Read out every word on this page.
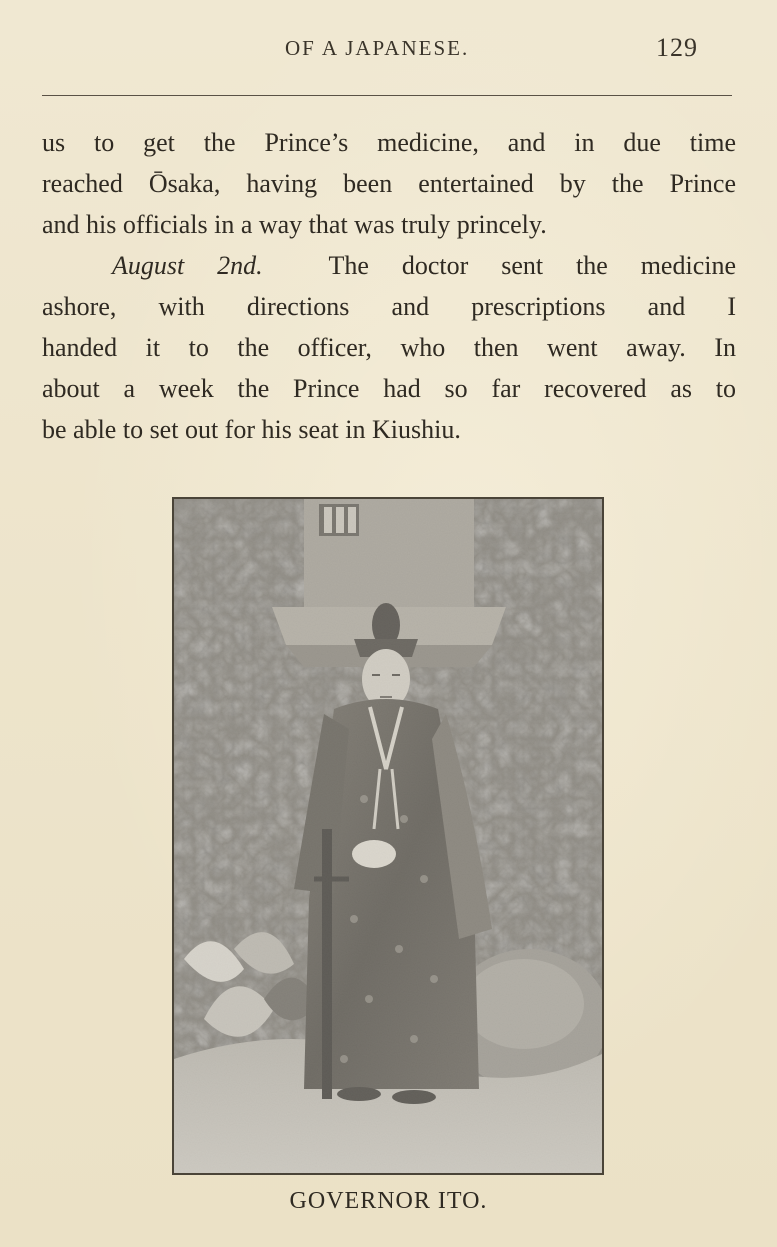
OF A JAPANESE.	129
us to get the Prince’s medicine, and in due time
reached Ōsaka, having been entertained by the Prince
and his officials in a way that was truly princely.
August 2nd.	The doctor sent the medicine
ashore, with directions and prescriptions and I
handed it to the officer, who then went away. In
about a week the Prince had so far recovered as to
be able to set out for his seat in Kiushiu.
GOVERNOR ITO.
